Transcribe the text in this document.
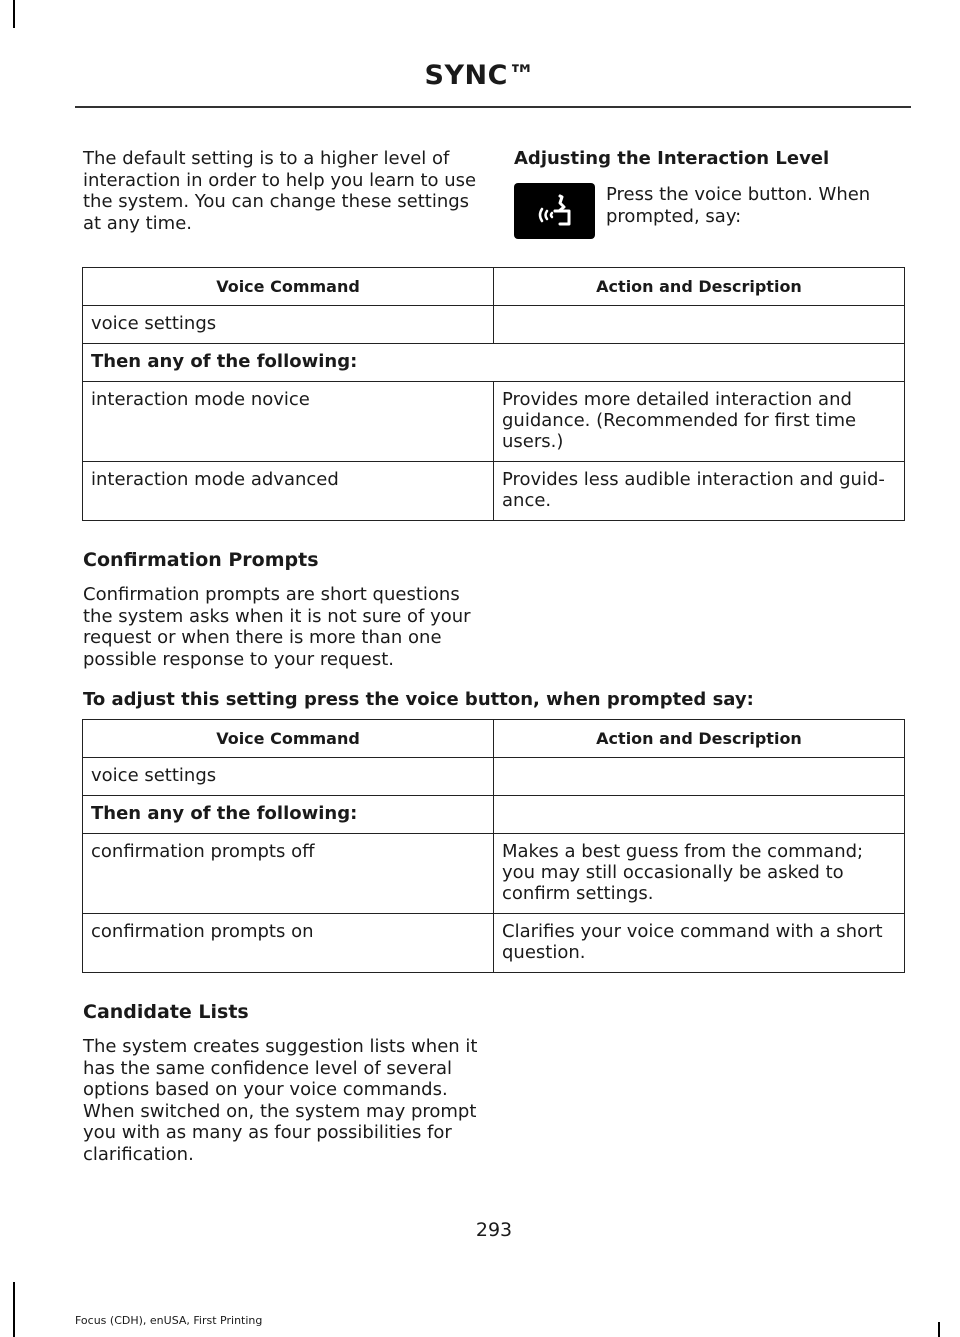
SYNC™
The default setting is to a higher level of interaction in order to help you learn to use the system. You can change these settings at any time.
Adjusting the Interaction Level
Press the voice button. When prompted, say:
Voice Command	Action and Description
voice settings	
Then any of the following:	
interaction mode novice	Provides more detailed interaction and guidance. (Recommended for first time users.)
interaction mode advanced	Provides less audible interaction and guid-ance.
Confirmation Prompts
Confirmation prompts are short questions the system asks when it is not sure of your request or when there is more than one possible response to your request.
To adjust this setting press the voice button, when prompted say:
Voice Command	Action and Description
voice settings	
Then any of the following:	
confirmation prompts off	Makes a best guess from the command; you may still occasionally be asked to confirm settings.
confirmation prompts on	Clarifies your voice command with a short question.
Candidate Lists
The system creates suggestion lists when it has the same confidence level of several options based on your voice commands. When switched on, the system may prompt you with as many as four possibilities for clarification.
293
Focus (CDH), enUSA, First Printing
